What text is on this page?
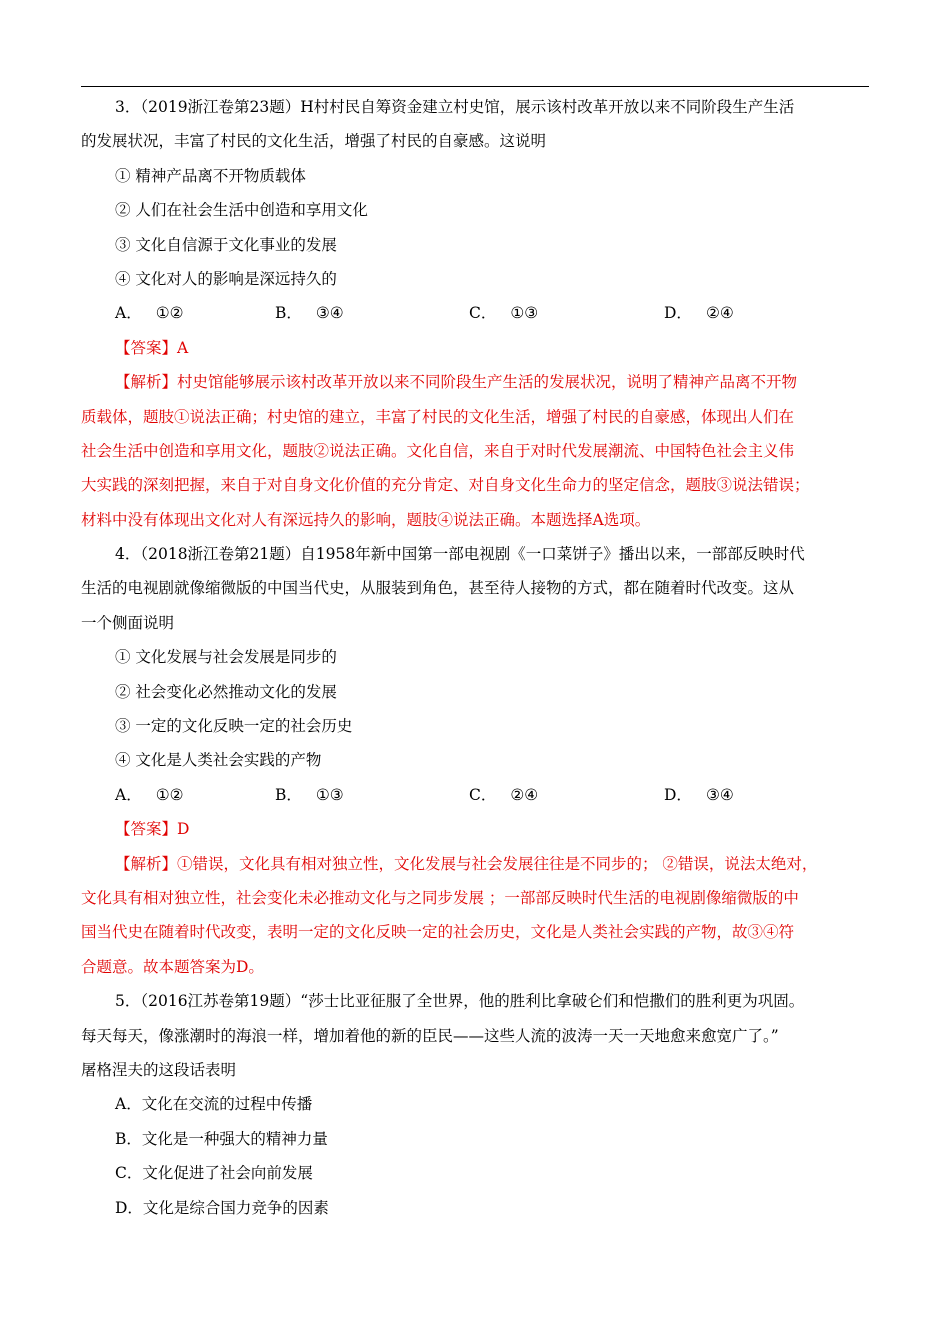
3．（2019浙江卷第23题）H村村民自筹资金建立村史馆，展示该村改革开放以来不同阶段生产生活
的发展状况，丰富了村民的文化生活，增强了村民的自豪感。这说明
① 精神产品离不开物质载体
② 人们在社会生活中创造和享用文化
③ 文化自信源于文化事业的发展
④ 文化对人的影响是深远持久的
A． ①②	B． ③④	C． ①③	D． ②④
【答案】A
【解析】村史馆能够展示该村改革开放以来不同阶段生产生活的发展状况，说明了精神产品离不开物
质载体，题肢①说法正确；村史馆的建立，丰富了村民的文化生活，增强了村民的自豪感，体现出人们在
社会生活中创造和享用文化，题肢②说法正确。文化自信，来自于对时代发展潮流、中国特色社会主义伟
大实践的深刻把握，来自于对自身文化价值的充分肯定、对自身文化生命力的坚定信念，题肢③说法错误；
材料中没有体现出文化对人有深远持久的影响，题肢④说法正确。本题选择A选项。
4．（2018浙江卷第21题）自1958年新中国第一部电视剧《一口菜饼子》播出以来，一部部反映时代
生活的电视剧就像缩微版的中国当代史，从服装到角色，甚至待人接物的方式，都在随着时代改变。这从
一个侧面说明
① 文化发展与社会发展是同步的
② 社会变化必然推动文化的发展
③ 一定的文化反映一定的社会历史
④ 文化是人类社会实践的产物
A． ①②	B． ①③	C． ②④	D． ③④
【答案】D
【解析】①错误，文化具有相对独立性，文化发展与社会发展往往是不同步的； ②错误，说法太绝对，
文化具有相对独立性，社会变化未必推动文化与之同步发展 ；一部部反映时代生活的电视剧像缩微版的中
国当代史在随着时代改变，表明一定的文化反映一定的社会历史，文化是人类社会实践的产物，故③④符
合题意。故本题答案为D。
5．（2016江苏卷第19题）“莎士比亚征服了全世界，他的胜利比拿破仑们和恺撒们的胜利更为巩固。
每天每天，像涨潮时的海浪一样，增加着他的新的臣民——这些人流的波涛一天一天地愈来愈宽广了。”
屠格涅夫的这段话表明
A．文化在交流的过程中传播
B．文化是一种强大的精神力量
C．文化促进了社会向前发展
D．文化是综合国力竞争的因素
